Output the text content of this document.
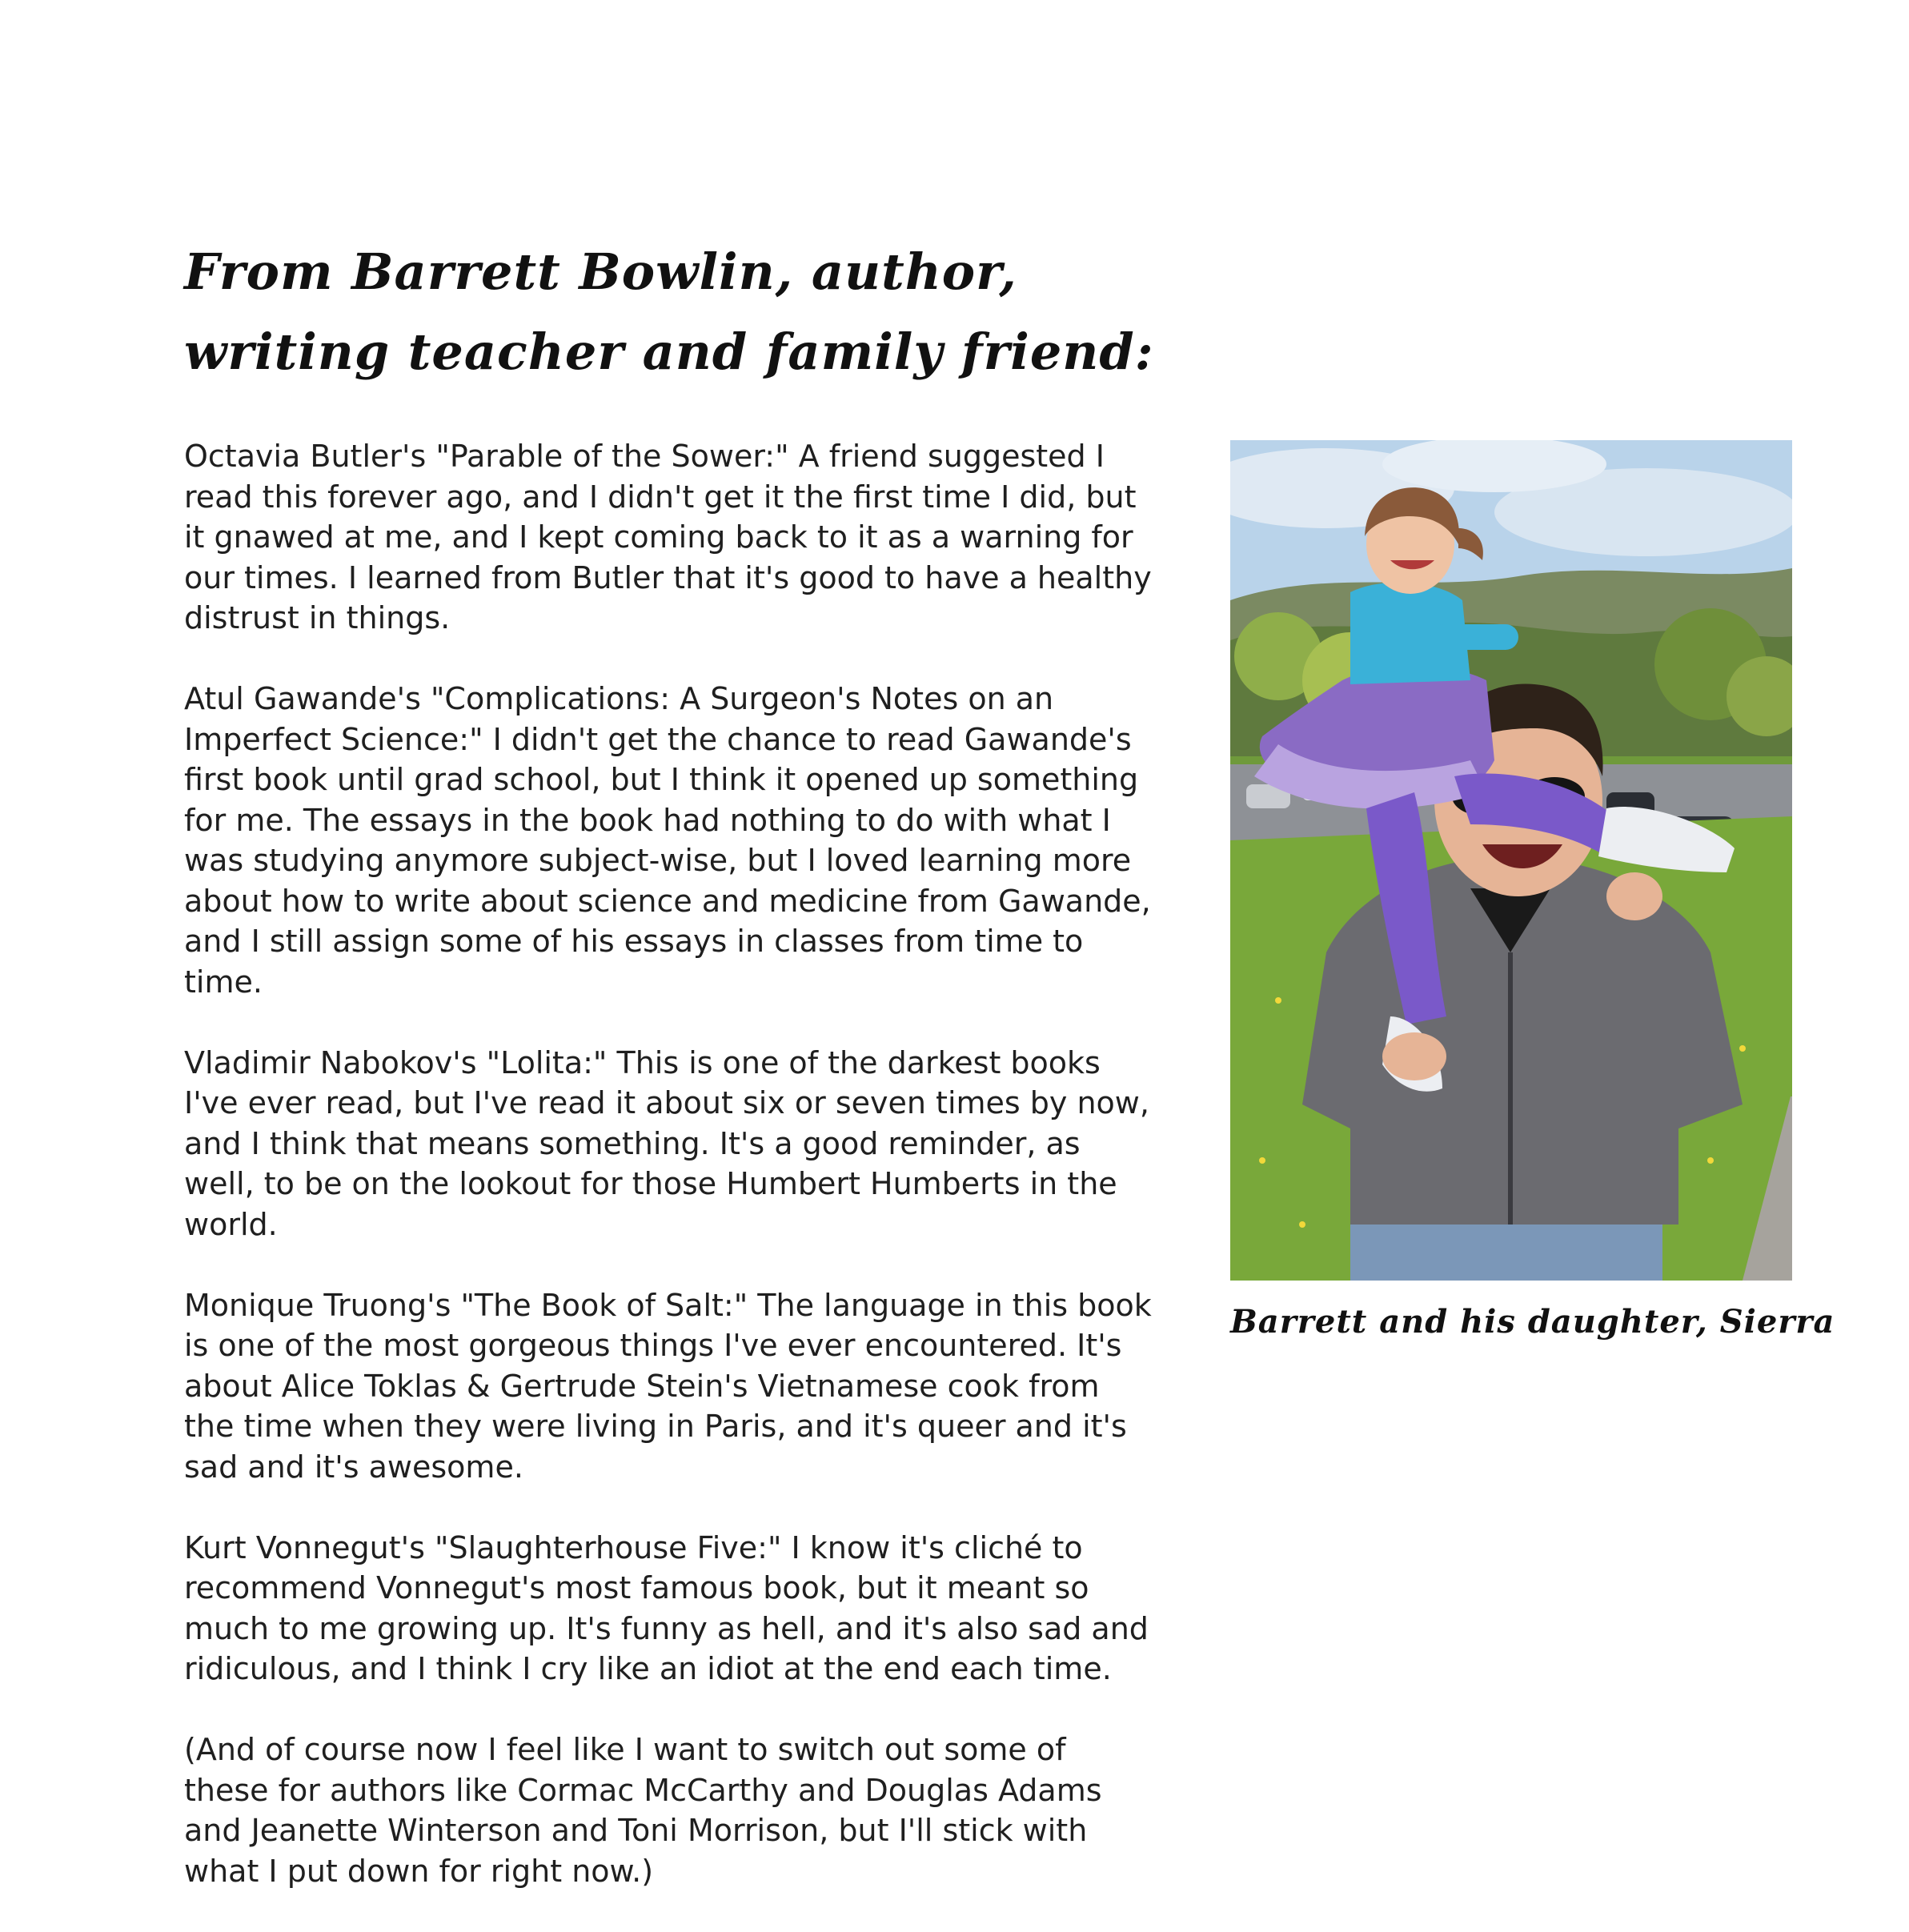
From Barrett Bowlin, author,
writing teacher and family friend:

Octavia Butler's "Parable of the Sower:" A friend suggested I read this forever ago, and I didn't get it the first time I did, but it gnawed at me, and I kept coming back to it as a warning for our times. I learned from Butler that it's good to have a healthy distrust in things.

Atul Gawande's "Complications: A Surgeon's Notes on an Imperfect Science:" I didn't get the chance to read Gawande's first book until grad school, but I think it opened up something for me. The essays in the book had nothing to do with what I was studying anymore subject-wise, but I loved learning more about how to write about science and medicine from Gawande, and I still assign some of his essays in classes from time to time.

Vladimir Nabokov's "Lolita:" This is one of the darkest books I've ever read, but I've read it about six or seven times by now, and I think that means something. It's a good reminder, as well, to be on the lookout for those Humbert Humberts in the world.

Monique Truong's "The Book of Salt:" The language in this book is one of the most gorgeous things I've ever encountered. It's about Alice Toklas & Gertrude Stein's Vietnamese cook from the time when they were living in Paris, and it's queer and it's sad and it's awesome.

Kurt Vonnegut's "Slaughterhouse Five:" I know it's cliché to recommend Vonnegut's most famous book, but it meant so much to me growing up. It's funny as hell, and it's also sad and ridiculous, and I think I cry like an idiot at the end each time.

(And of course now I feel like I want to switch out some of these for authors like Cormac McCarthy and Douglas Adams and Jeanette Winterson and Toni Morrison, but I'll stick with what I put down for right now.)

Barrett and his daughter, Sierra
